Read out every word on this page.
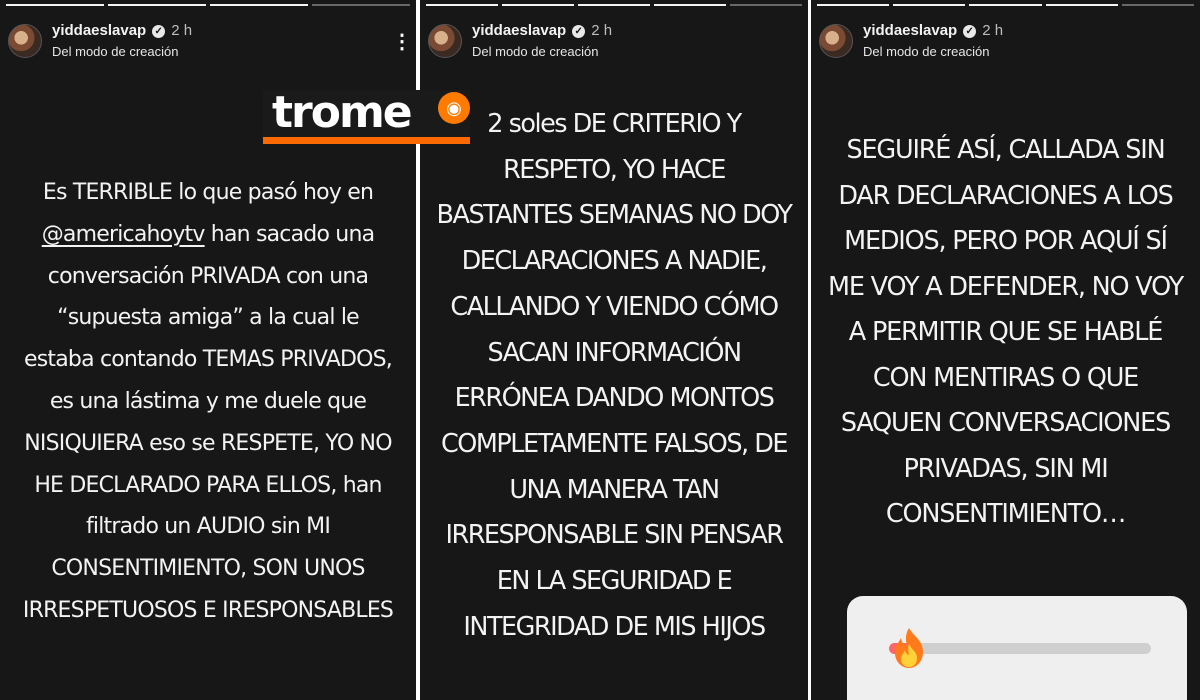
yiddaeslavap ✓ 2 h
Del modo de creación	⋮
Es TERRIBLE lo que pasó hoy en
@americahoytv han sacado una
conversación PRIVADA con una
“supuesta amiga” a la cual le
estaba contando TEMAS PRIVADOS,
es una lástima y me duele que
NISIQUIERA eso se RESPETE, YO NO
HE DECLARADO PARA ELLOS, han
filtrado un AUDIO sin MI
CONSENTIMIENTO, SON UNOS
IRRESPETUOSOS E IRESPONSABLES
yiddaeslavap ✓ 2 h
Del modo de creación
2 soles DE CRITERIO Y
RESPETO, YO HACE
BASTANTES SEMANAS NO DOY
DECLARACIONES A NADIE,
CALLANDO Y VIENDO CÓMO
SACAN INFORMACIÓN
ERRÓNEA DANDO MONTOS
COMPLETAMENTE FALSOS, DE
UNA MANERA TAN
IRRESPONSABLE SIN PENSAR
EN LA SEGURIDAD E
INTEGRIDAD DE MIS HIJOS
yiddaeslavap ✓ 2 h
Del modo de creación
SEGUIRÉ ASÍ, CALLADA SIN
DAR DECLARACIONES A LOS
MEDIOS, PERO POR AQUÍ SÍ
ME VOY A DEFENDER, NO VOY
A PERMITIR QUE SE HABLÉ
CON MENTIRAS O QUE
SAQUEN CONVERSACIONES
PRIVADAS, SIN MI
CONSENTIMIENTO…
trome	◉
